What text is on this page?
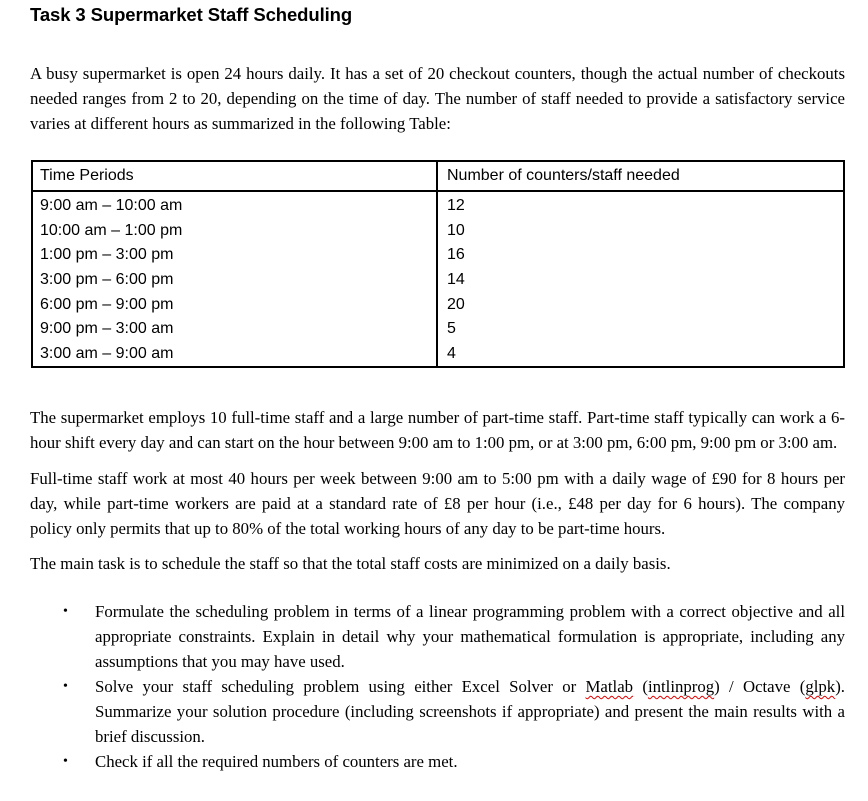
Task 3 Supermarket Staff Scheduling

A busy supermarket is open 24 hours daily. It has a set of 20 checkout counters, though the actual number of checkouts needed ranges from 2 to 20, depending on the time of day. The number of staff needed to provide a satisfactory service varies at different hours as summarized in the following Table:

Time Periods	Number of counters/staff needed
9:00 am – 10:00 am	12
10:00 am – 1:00 pm	10
1:00 pm – 3:00 pm	16
3:00 pm – 6:00 pm	14
6:00 pm – 9:00 pm	20
9:00 pm – 3:00 am	5
3:00 am – 9:00 am	4

The supermarket employs 10 full-time staff and a large number of part-time staff. Part-time staff typically can work a 6-hour shift every day and can start on the hour between 9:00 am to 1:00 pm, or at 3:00 pm, 6:00 pm, 9:00 pm or 3:00 am.

Full-time staff work at most 40 hours per week between 9:00 am to 5:00 pm with a daily wage of £90 for 8 hours per day, while part-time workers are paid at a standard rate of £8 per hour (i.e., £48 per day for 6 hours). The company policy only permits that up to 80% of the total working hours of any day to be part-time hours.

The main task is to schedule the staff so that the total staff costs are minimized on a daily basis.

• Formulate the scheduling problem in terms of a linear programming problem with a correct objective and all appropriate constraints. Explain in detail why your mathematical formulation is appropriate, including any assumptions that you may have used.
• Solve your staff scheduling problem using either Excel Solver or Matlab (intlinprog) / Octave (glpk). Summarize your solution procedure (including screenshots if appropriate) and present the main results with a brief discussion.
• Check if all the required numbers of counters are met.
